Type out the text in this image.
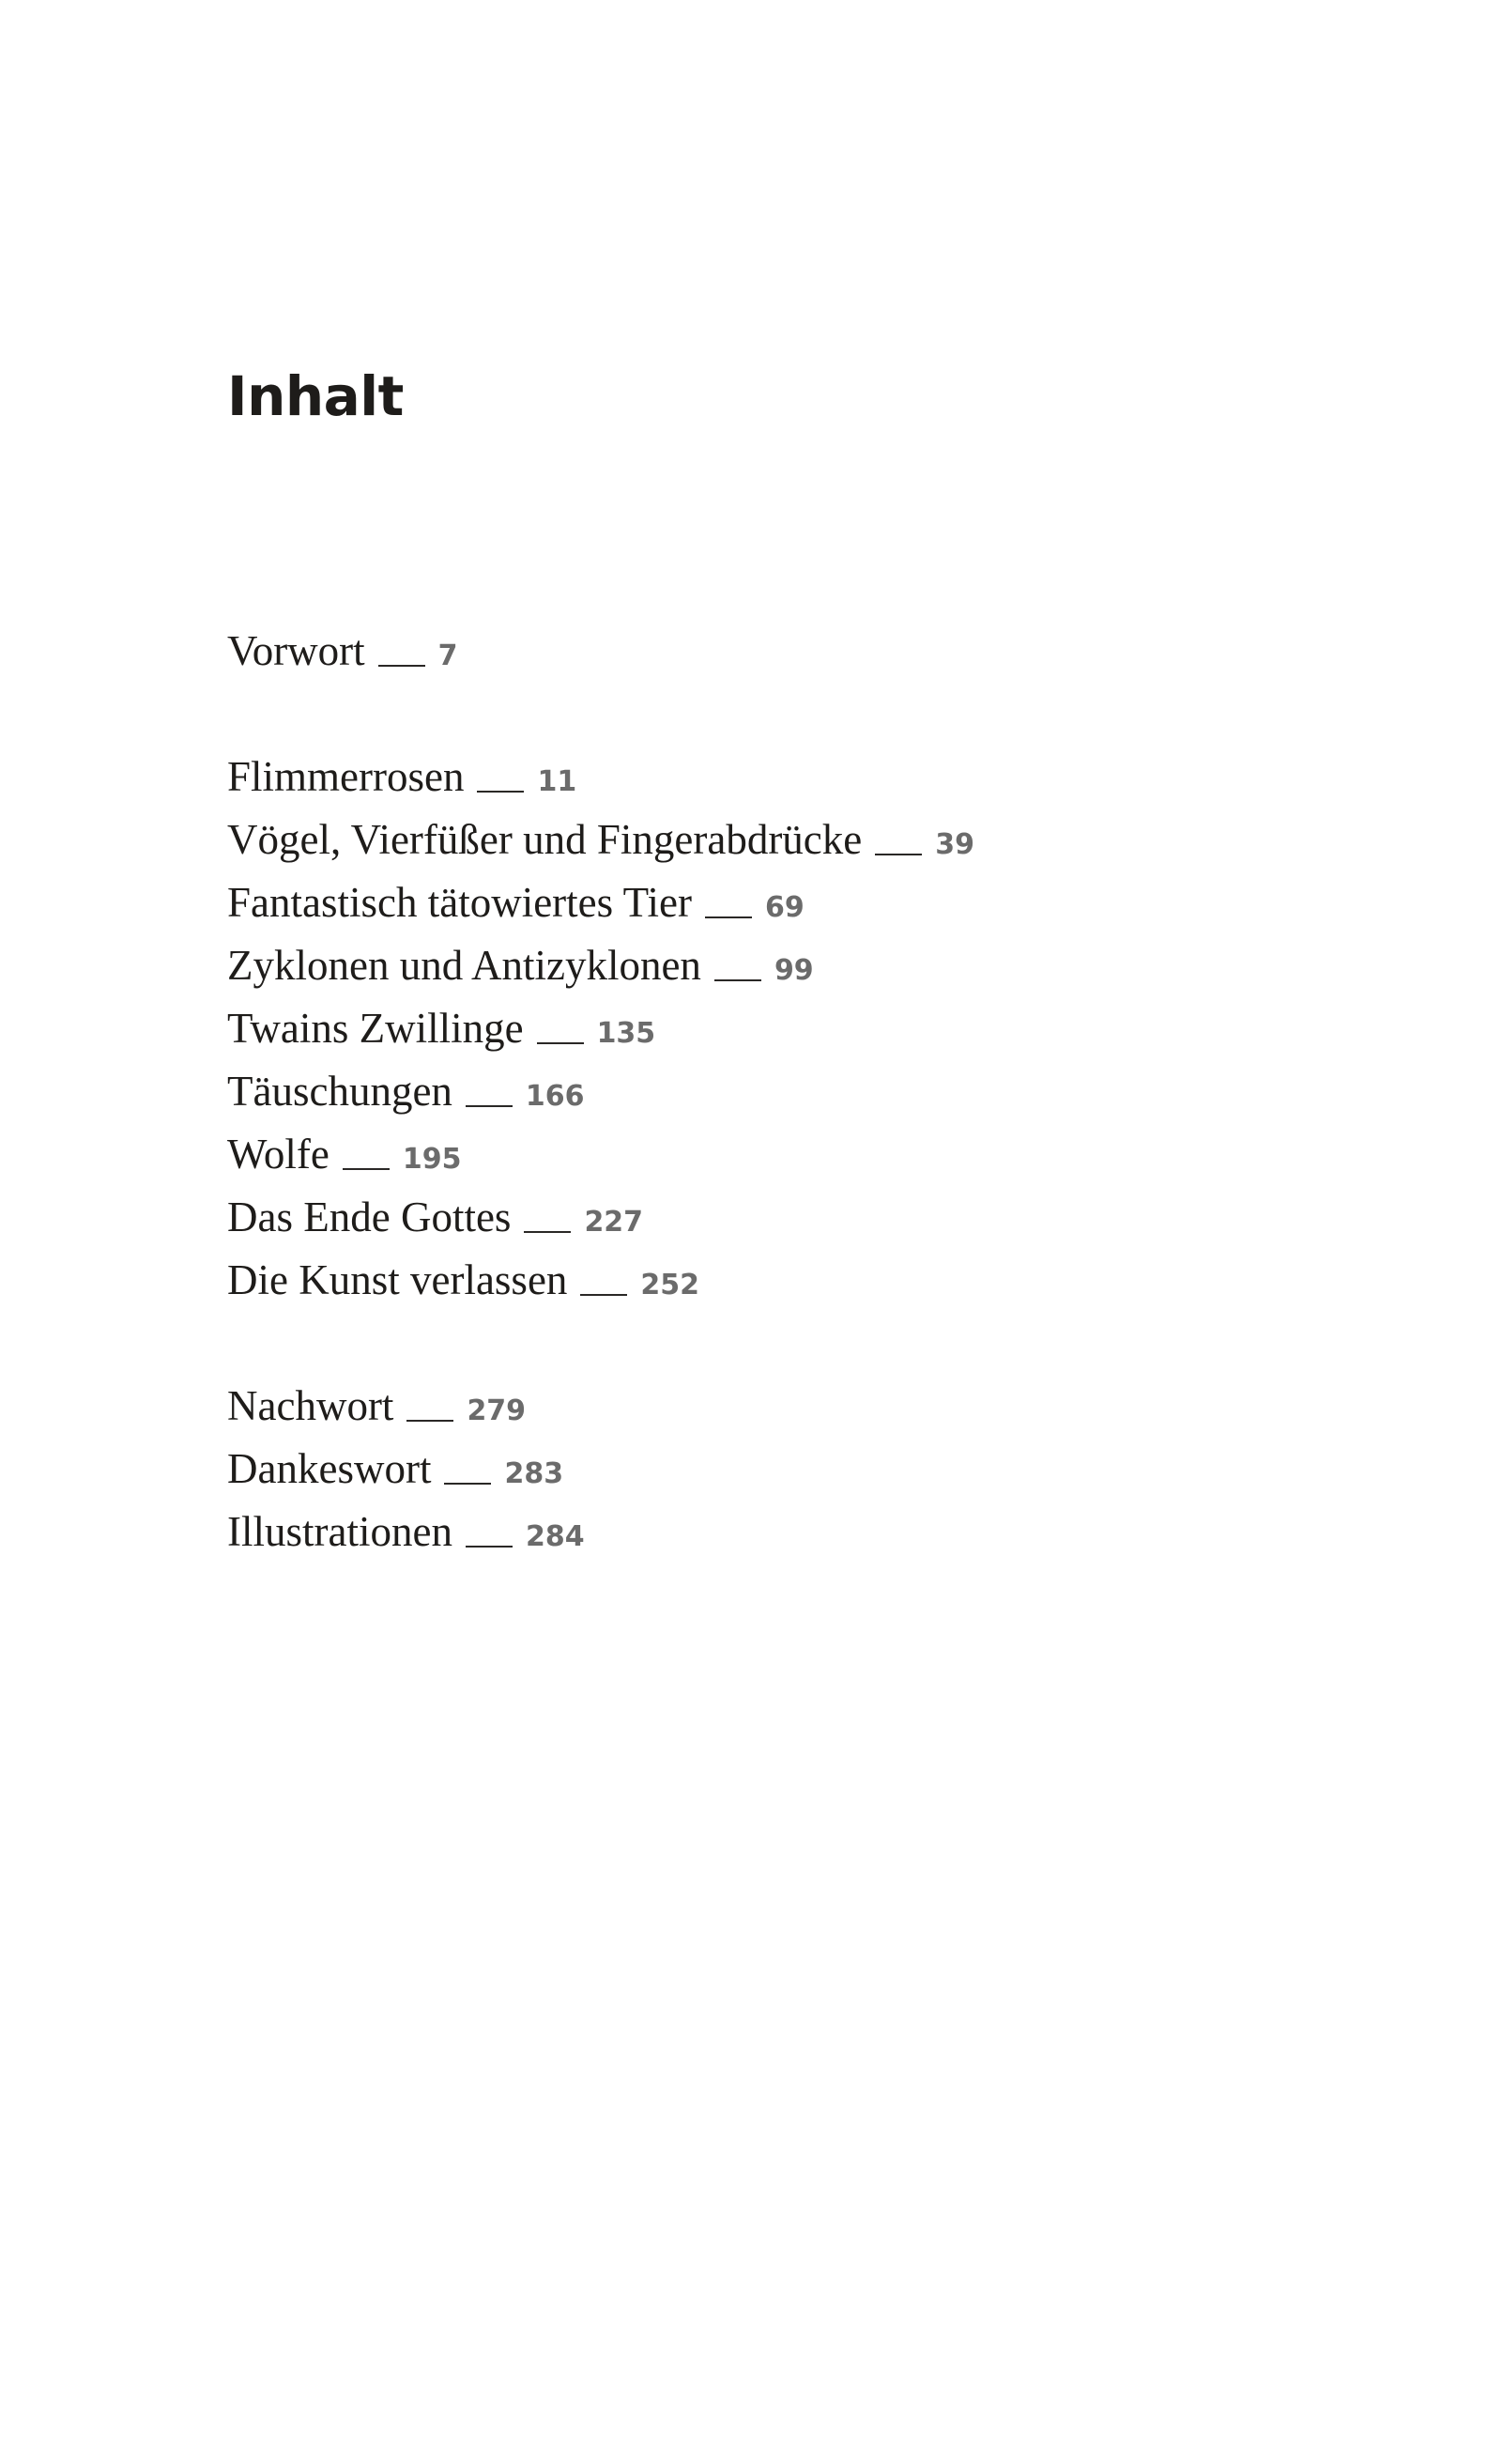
Inhalt
Vorwort	7
Flimmerrosen	11
Vögel, Vierfüßer und Fingerabdrücke	39
Fantastisch tätowiertes Tier	69
Zyklonen und Antizyklonen	99
Twains Zwillinge	135
Täuschungen	166
Wolfe	195
Das Ende Gottes	227
Die Kunst verlassen	252
Nachwort	279
Dankeswort	283
Illustrationen	284
